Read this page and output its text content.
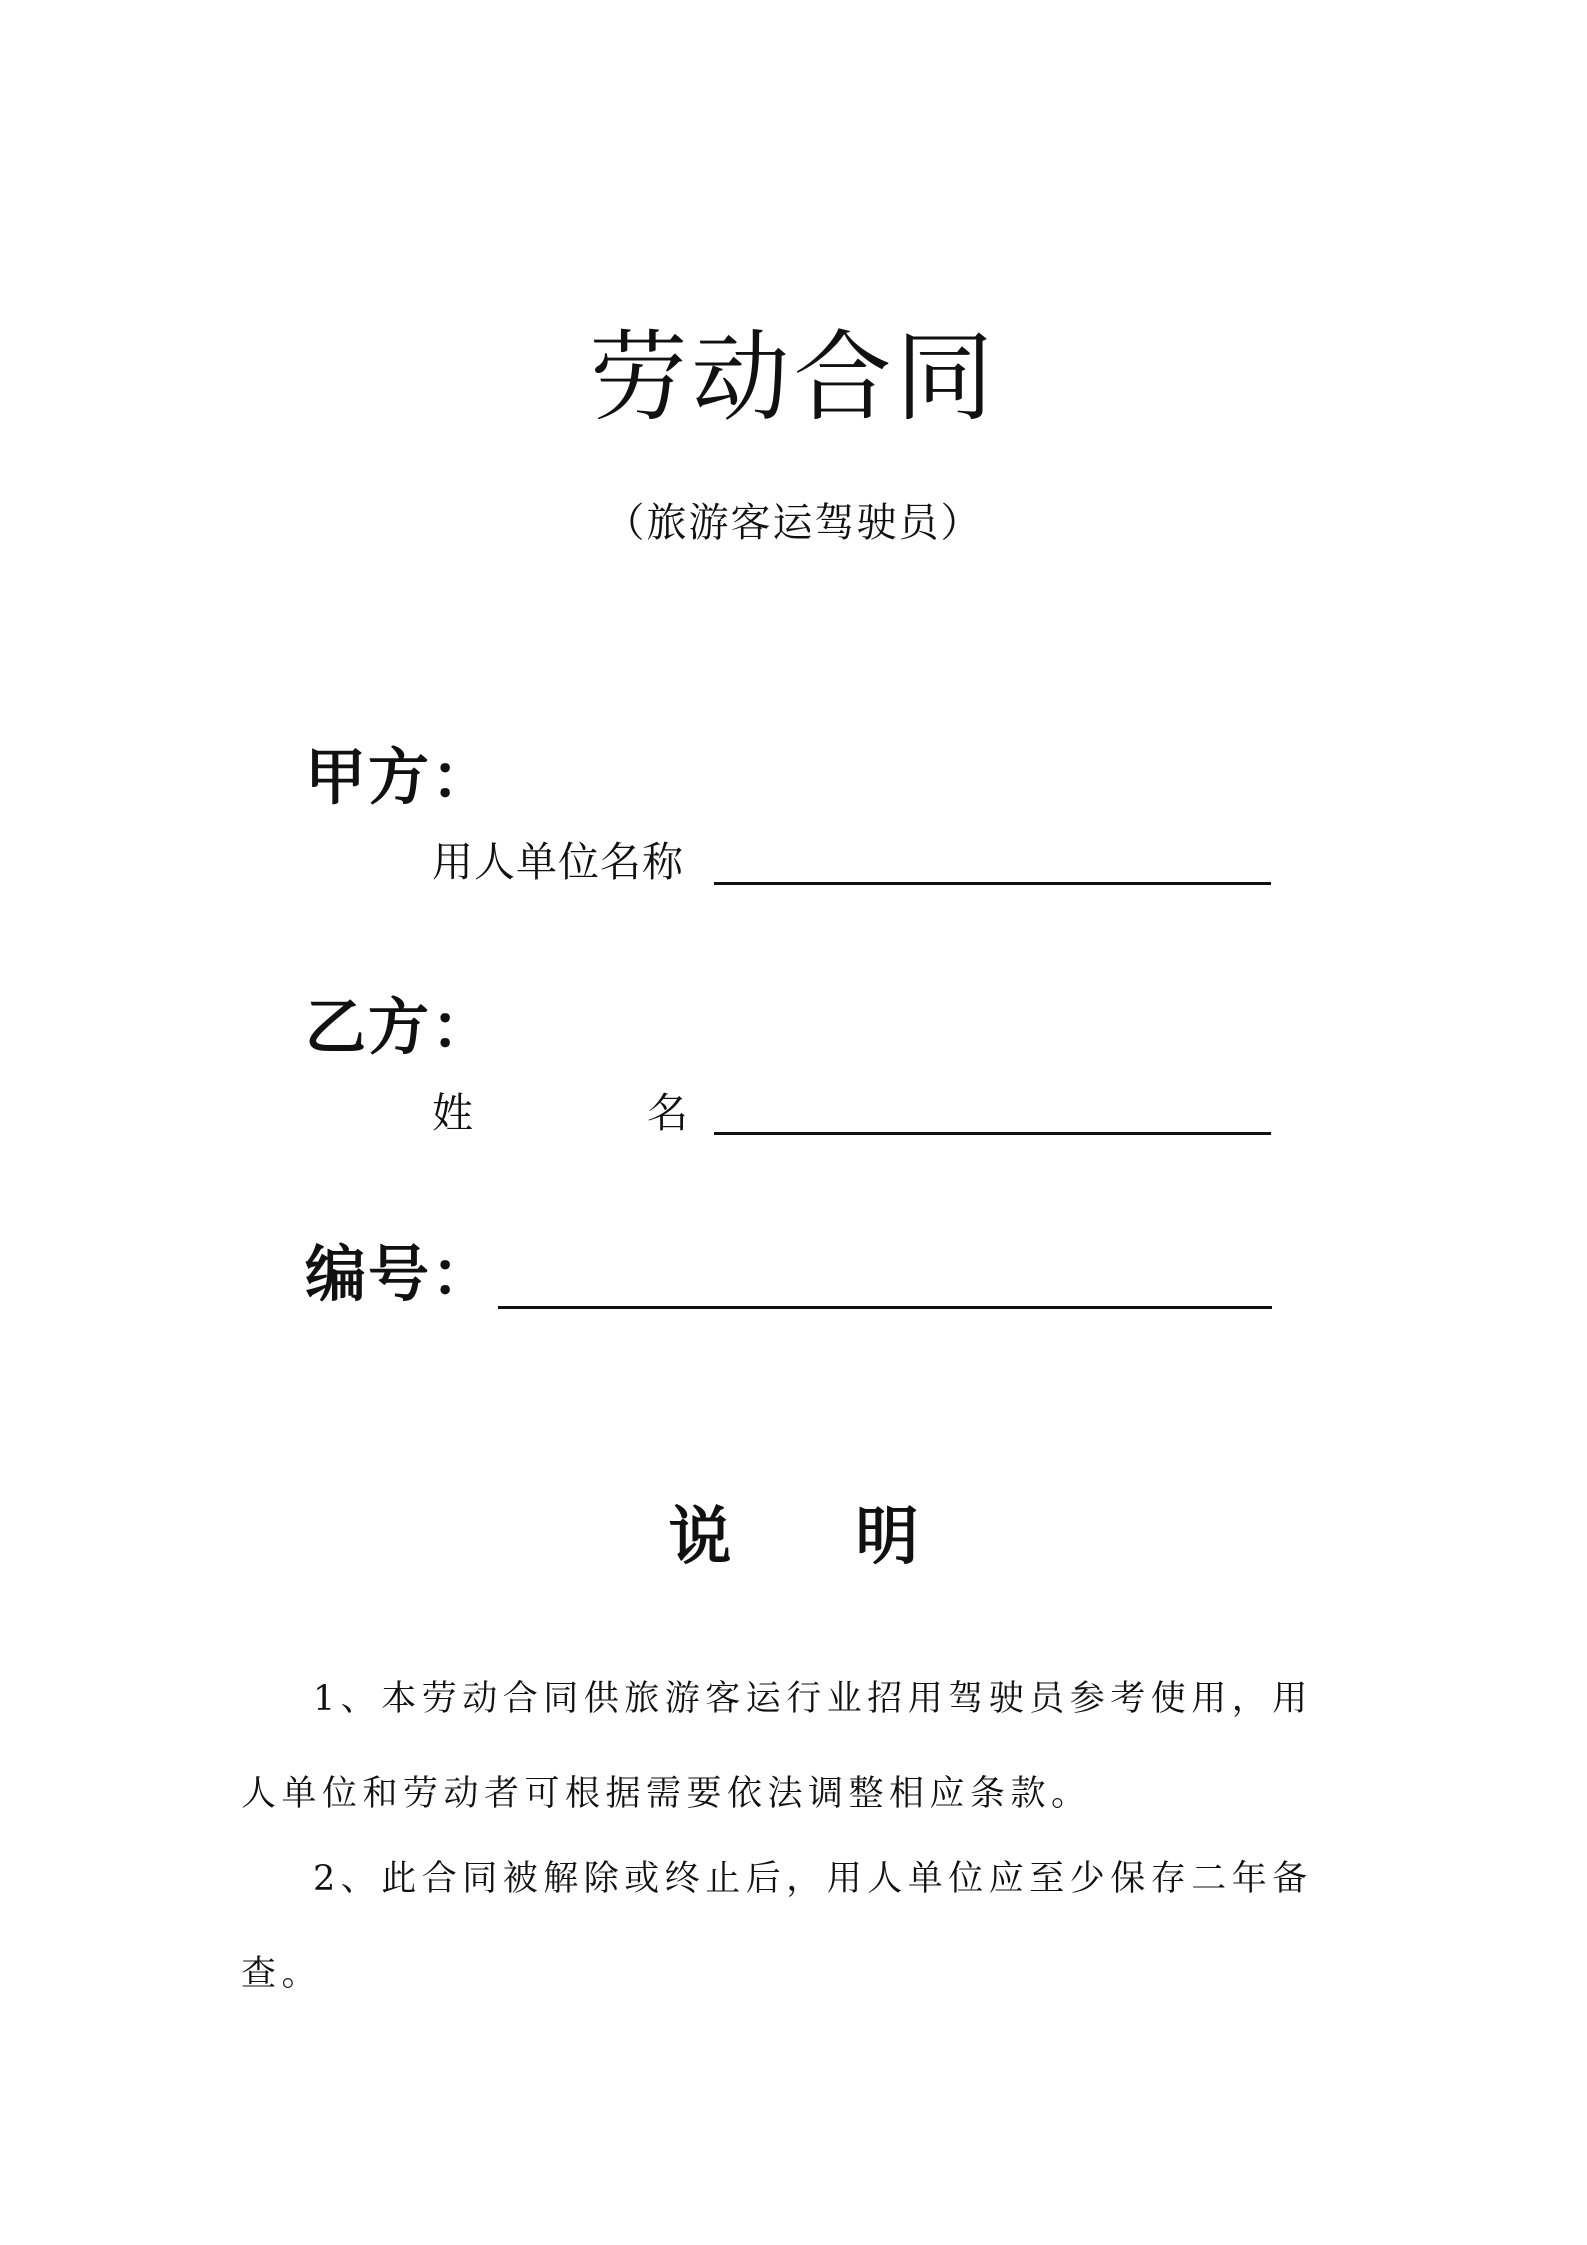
劳动合同
（旅游客运驾驶员）
甲方：
用人单位名称
乙方：
姓	名
编号：
说 明

1、本劳动合同供旅游客运行业招用驾驶员参考使用，用人单位和劳动者可根据需要依法调整相应条款。

2、此合同被解除或终止后，用人单位应至少保存二年备查。
